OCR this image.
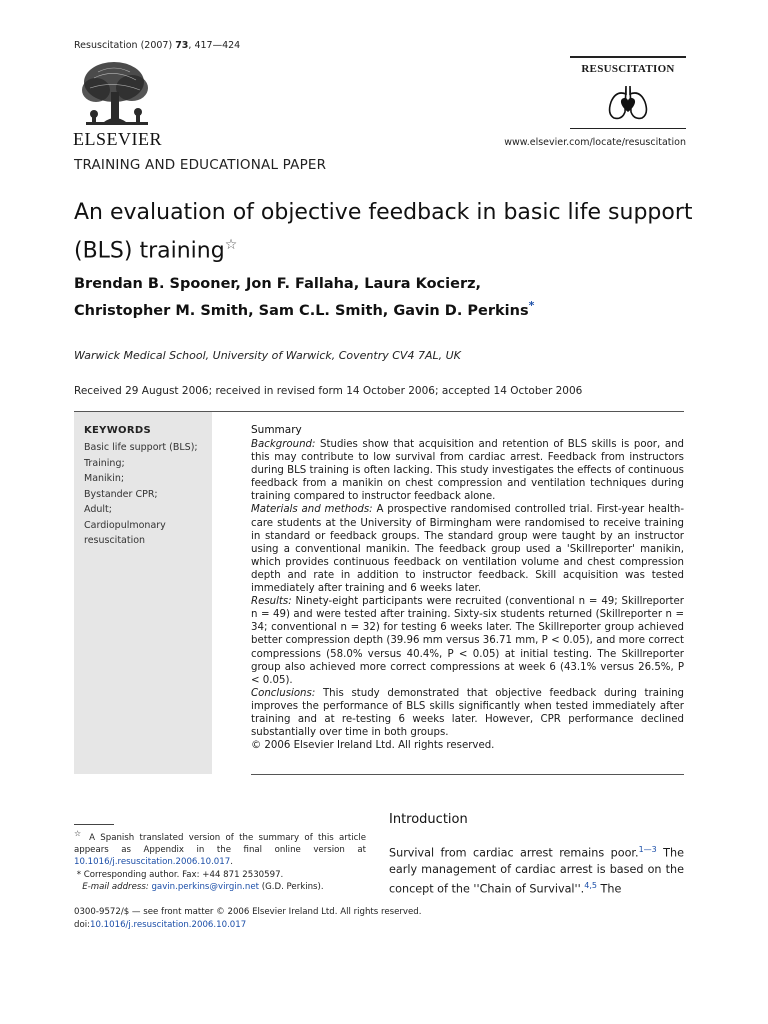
Resuscitation (2007) 73, 417—424
ELSEVIER
RESUSCITATION
www.elsevier.com/locate/resuscitation
TRAINING AND EDUCATIONAL PAPER
An evaluation of objective feedback in basic life support (BLS) training☆
Brendan B. Spooner, Jon F. Fallaha, Laura Kocierz,
Christopher M. Smith, Sam C.L. Smith, Gavin D. Perkins*
Warwick Medical School, University of Warwick, Coventry CV4 7AL, UK
Received 29 August 2006; received in revised form 14 October 2006; accepted 14 October 2006
KEYWORDS
Basic life support (BLS);
Training;
Manikin;
Bystander CPR;
Adult;
Cardiopulmonary
resuscitation
Summary

Background: Studies show that acquisition and retention of BLS skills is poor, and this may contribute to low survival from cardiac arrest. Feedback from instructors during BLS training is often lacking. This study investigates the effects of continuous feedback from a manikin on chest compression and ventilation techniques during training compared to instructor feedback alone.

Materials and methods: A prospective randomised controlled trial. First-year health-care students at the University of Birmingham were randomised to receive training in standard or feedback groups. The standard group were taught by an instructor using a conventional manikin. The feedback group used a 'Skillreporter' manikin, which provides continuous feedback on ventilation volume and chest compression depth and rate in addition to instructor feedback. Skill acquisition was tested immediately after training and 6 weeks later.

Results: Ninety-eight participants were recruited (conventional n = 49; Skillreporter n = 49) and were tested after training. Sixty-six students returned (Skillreporter n = 34; conventional n = 32) for testing 6 weeks later. The Skillreporter group achieved better compression depth (39.96 mm versus 36.71 mm, P < 0.05), and more correct compressions (58.0% versus 40.4%, P < 0.05) at initial testing. The Skillreporter group also achieved more correct compressions at week 6 (43.1% versus 26.5%, P < 0.05).

Conclusions: This study demonstrated that objective feedback during training improves the performance of BLS skills significantly when tested immediately after training and at re-testing 6 weeks later. However, CPR performance declined substantially over time in both groups.

© 2006 Elsevier Ireland Ltd. All rights reserved.

Introduction
Survival from cardiac arrest remains poor.$^{1—3}$ The early management of cardiac arrest is based on the concept of the ''Chain of Survival''.$^{4,5}$ The

☆ A Spanish translated version of the summary of this article appears as Appendix in the final online version at 10.1016/j.resuscitation.2006.10.017.

* Corresponding author. Fax: +44 871 2530597.

E-mail address: gavin.perkins@virgin.net (G.D. Perkins).

0300-9572/$ — see front matter © 2006 Elsevier Ireland Ltd. All rights reserved.
doi:10.1016/j.resuscitation.2006.10.017
